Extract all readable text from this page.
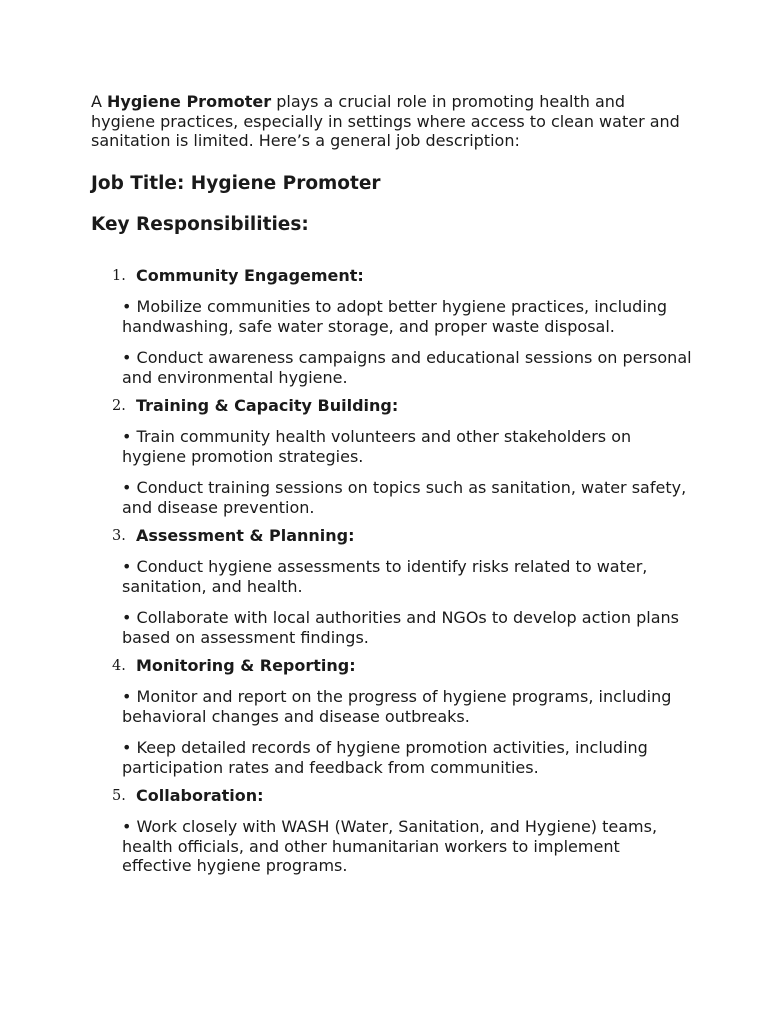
A Hygiene Promoter plays a crucial role in promoting health and hygiene practices, especially in settings where access to clean water and sanitation is limited. Here’s a general job description:

Job Title: Hygiene Promoter
Key Responsibilities:
1. Community Engagement:

• Mobilize communities to adopt better hygiene practices, including handwashing, safe water storage, and proper waste disposal.

• Conduct awareness campaigns and educational sessions on personal and environmental hygiene.

2. Training & Capacity Building:

• Train community health volunteers and other stakeholders on hygiene promotion strategies.

• Conduct training sessions on topics such as sanitation, water safety, and disease prevention.

3. Assessment & Planning:

• Conduct hygiene assessments to identify risks related to water, sanitation, and health.

• Collaborate with local authorities and NGOs to develop action plans based on assessment findings.

4. Monitoring & Reporting:

• Monitor and report on the progress of hygiene programs, including behavioral changes and disease outbreaks.

• Keep detailed records of hygiene promotion activities, including participation rates and feedback from communities.

5. Collaboration:

• Work closely with WASH (Water, Sanitation, and Hygiene) teams, health officials, and other humanitarian workers to implement effective hygiene programs.
